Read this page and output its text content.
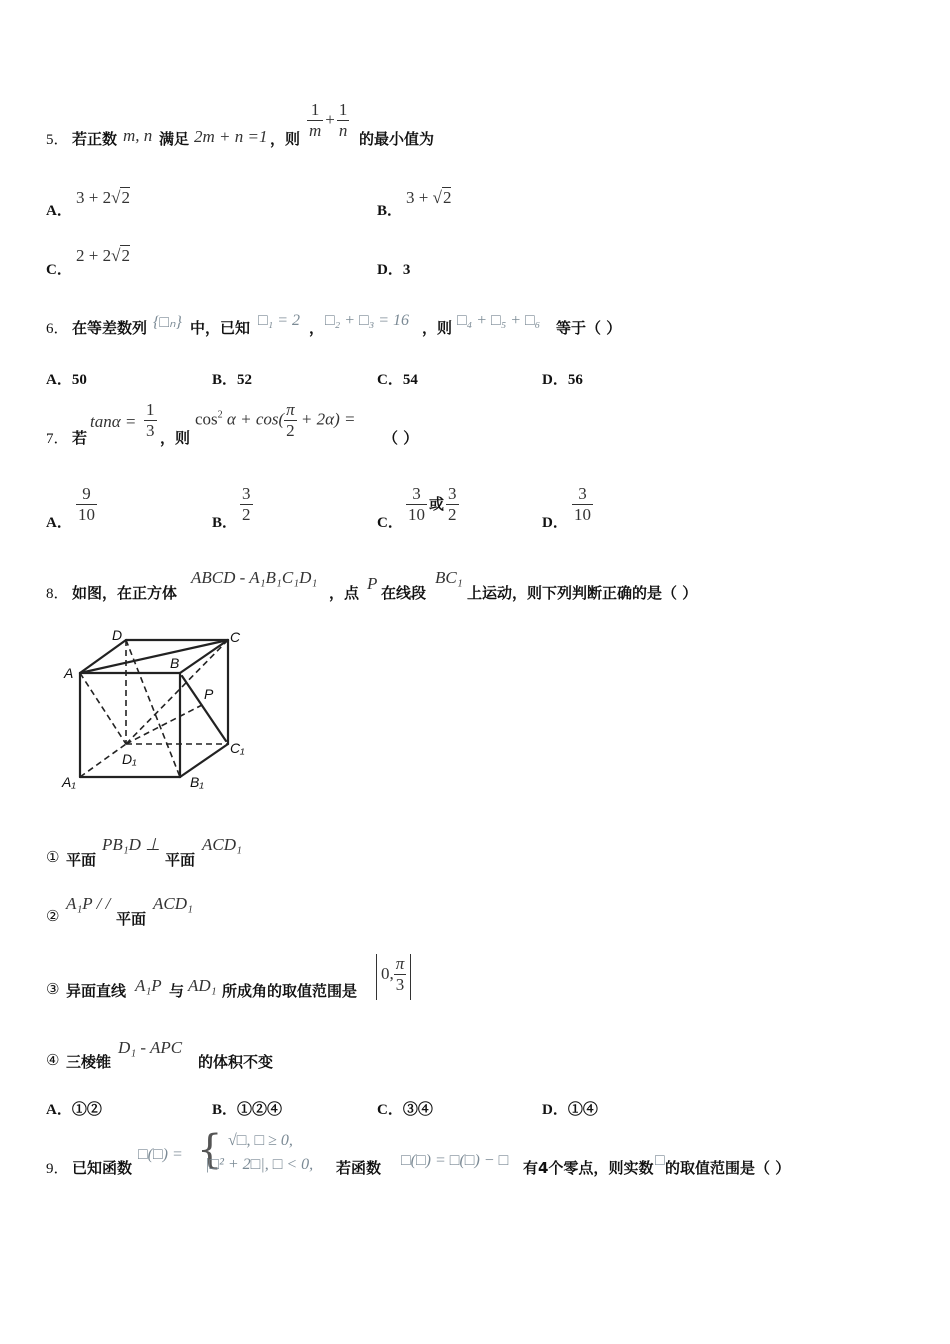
5． 若正数 m, n 满足 2m + n =1 ，则 $\frac{1}{m} + \frac{1}{n}$ 的最小值为
A．
3 + 2√2
B．
3 + √2
C．
2 + 2√2
D．3
6． 在等差数列 {□ₙ} 中，已知 □₁ = 2 ， □₂ + □₃ = 16 ，则 □₄ + □₅ + □₆ 等于（ ）
A．50	B．52	C．54	D．56
7． 若
$\tan\alpha = \frac{1}{3}$ ，则
$\cos^2 \alpha + \cos( \frac{\pi}{2} + 2\alpha)$ =
（ ）
A． $\frac{9}{10}$	B． $\frac{3}{2}$	C． $\frac{3}{10}$ 或 $\frac{3}{2}$	D． $\frac{3}{10}$
8． 如图，在正方体
ABCD - A₁B₁C₁D₁
，点 P 在线段
BC₁
上运动，则下列判断正确的是（ ）
D	C
A
B
P
C₁
D₁
A₁	B₁
① 平面
PB₁D ⊥
平面
ACD₁
②
A₁P / /
平面
ACD₁
③ 异面直线 A₁P 与 AD₁ 所成角的取值范围是
0, $\frac{\pi}{3}$
④ 三棱锥
D₁ - APC
的体积不变
A．①②	B．①②④	C．③④	D．①④
9． 已知函数
□(□) = { √□, □ ≥ 0,
|□² + 2□|, □ < 0, 若函数 □(□) = □(□) − □ 有4个零点，则实数 □ 的取值范围是（ ）
